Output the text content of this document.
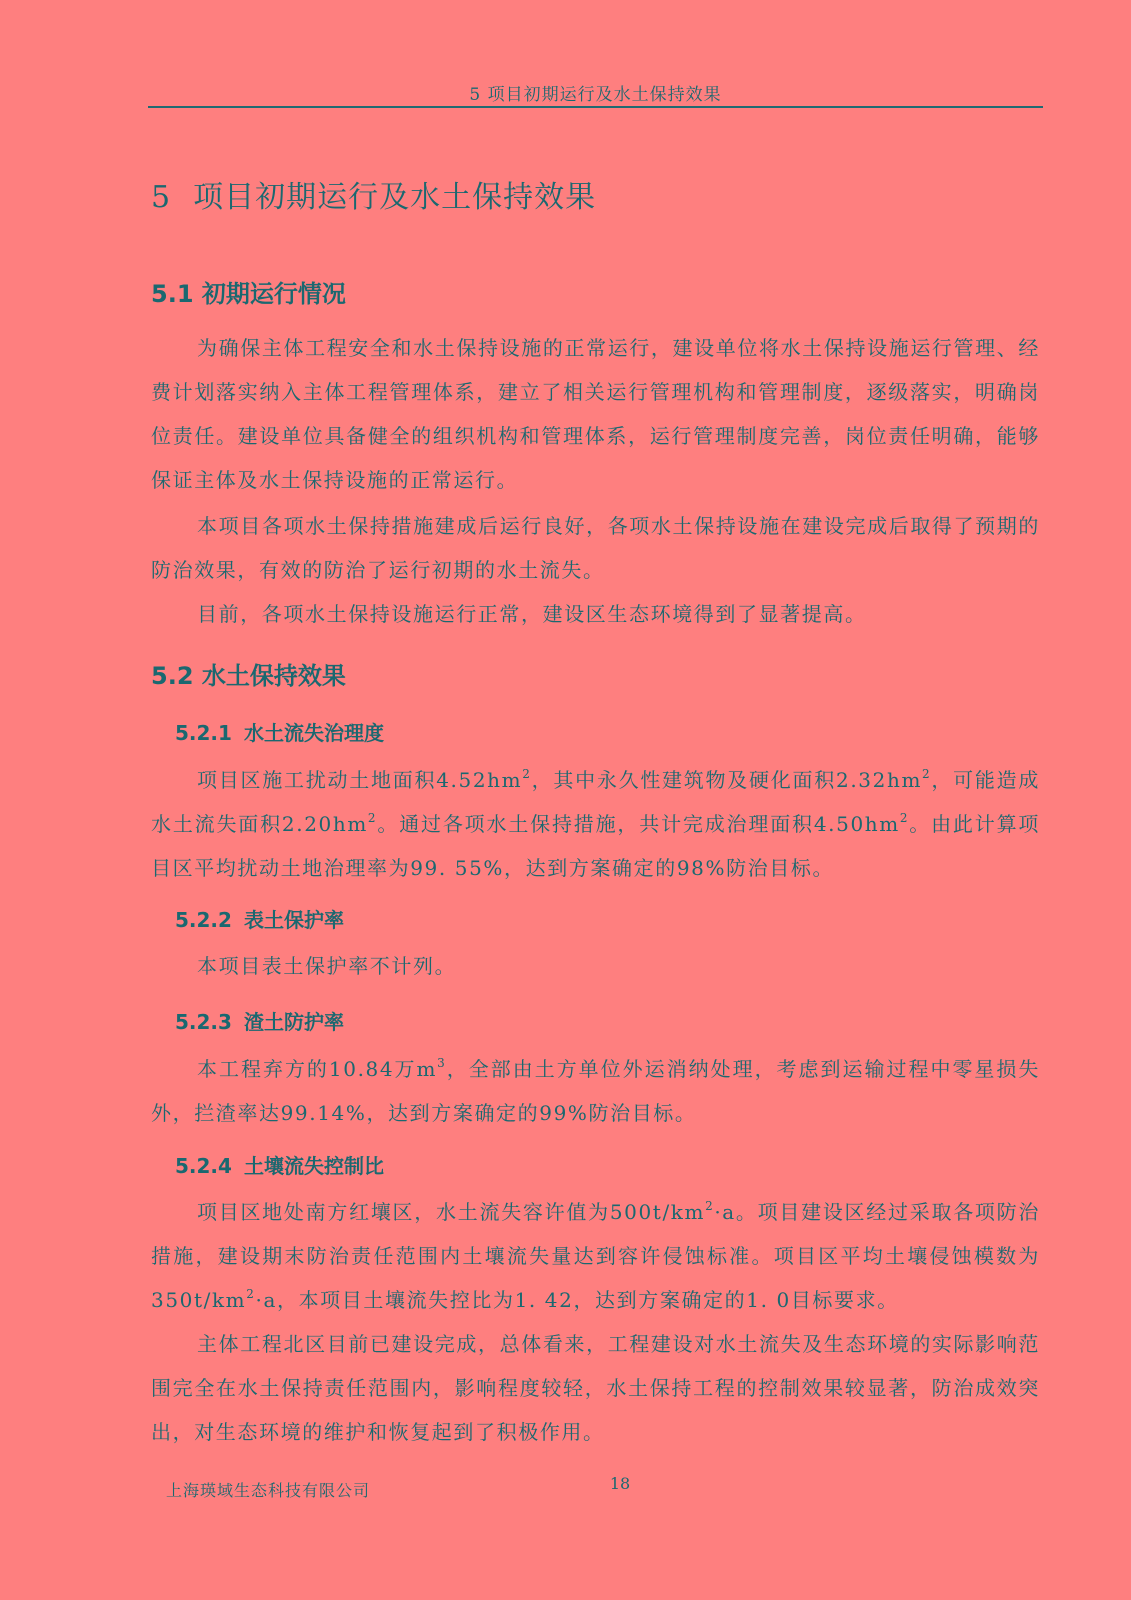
5 项目初期运行及水土保持效果
5 项目初期运行及水土保持效果
5.1 初期运行情况

为确保主体工程安全和水土保持设施的正常运行，建设单位将水土保持设施运行管理、经费计划落实纳入主体工程管理体系，建立了相关运行管理机构和管理制度，逐级落实，明确岗位责任。建设单位具备健全的组织机构和管理体系，运行管理制度完善，岗位责任明确，能够保证主体及水土保持设施的正常运行。

本项目各项水土保持措施建成后运行良好，各项水土保持设施在建设完成后取得了预期的防治效果，有效的防治了运行初期的水土流失。

目前，各项水土保持设施运行正常，建设区生态环境得到了显著提高。

5.2 水土保持效果
5.2.1 水土流失治理度

项目区施工扰动土地面积$4.52hm^2$，其中永久性建筑物及硬化面积$2.32hm^2$，可能造成水土流失面积$2.20hm^2$。通过各项水土保持措施，共计完成治理面积$4.50hm^2$。由此计算项目区平均扰动土地治理率为99. 55%，达到方案确定的98%防治目标。

5.2.2 表土保护率

本项目表土保护率不计列。

5.2.3 渣土防护率

本工程弃方的10.84万$m^3$，全部由土方单位外运消纳处理，考虑到运输过程中零星损失外，拦渣率达99.14%，达到方案确定的99%防治目标。

5.2.4 土壤流失控制比

项目区地处南方红壤区，水土流失容许值为$500t/km^2\cdot a$。项目建设区经过采取各项防治措施，建设期末防治责任范围内土壤流失量达到容许侵蚀标准。项目区平均土壤侵蚀模数为$350t/km^2\cdot a$，本项目土壤流失控比为1. 42，达到方案确定的1. 0目标要求。

主体工程北区目前已建设完成，总体看来，工程建设对水土流失及生态环境的实际影响范围完全在水土保持责任范围内，影响程度较轻，水土保持工程的控制效果较显著，防治成效突出，对生态环境的维护和恢复起到了积极作用。

上海瑛域生态科技有限公司	18
